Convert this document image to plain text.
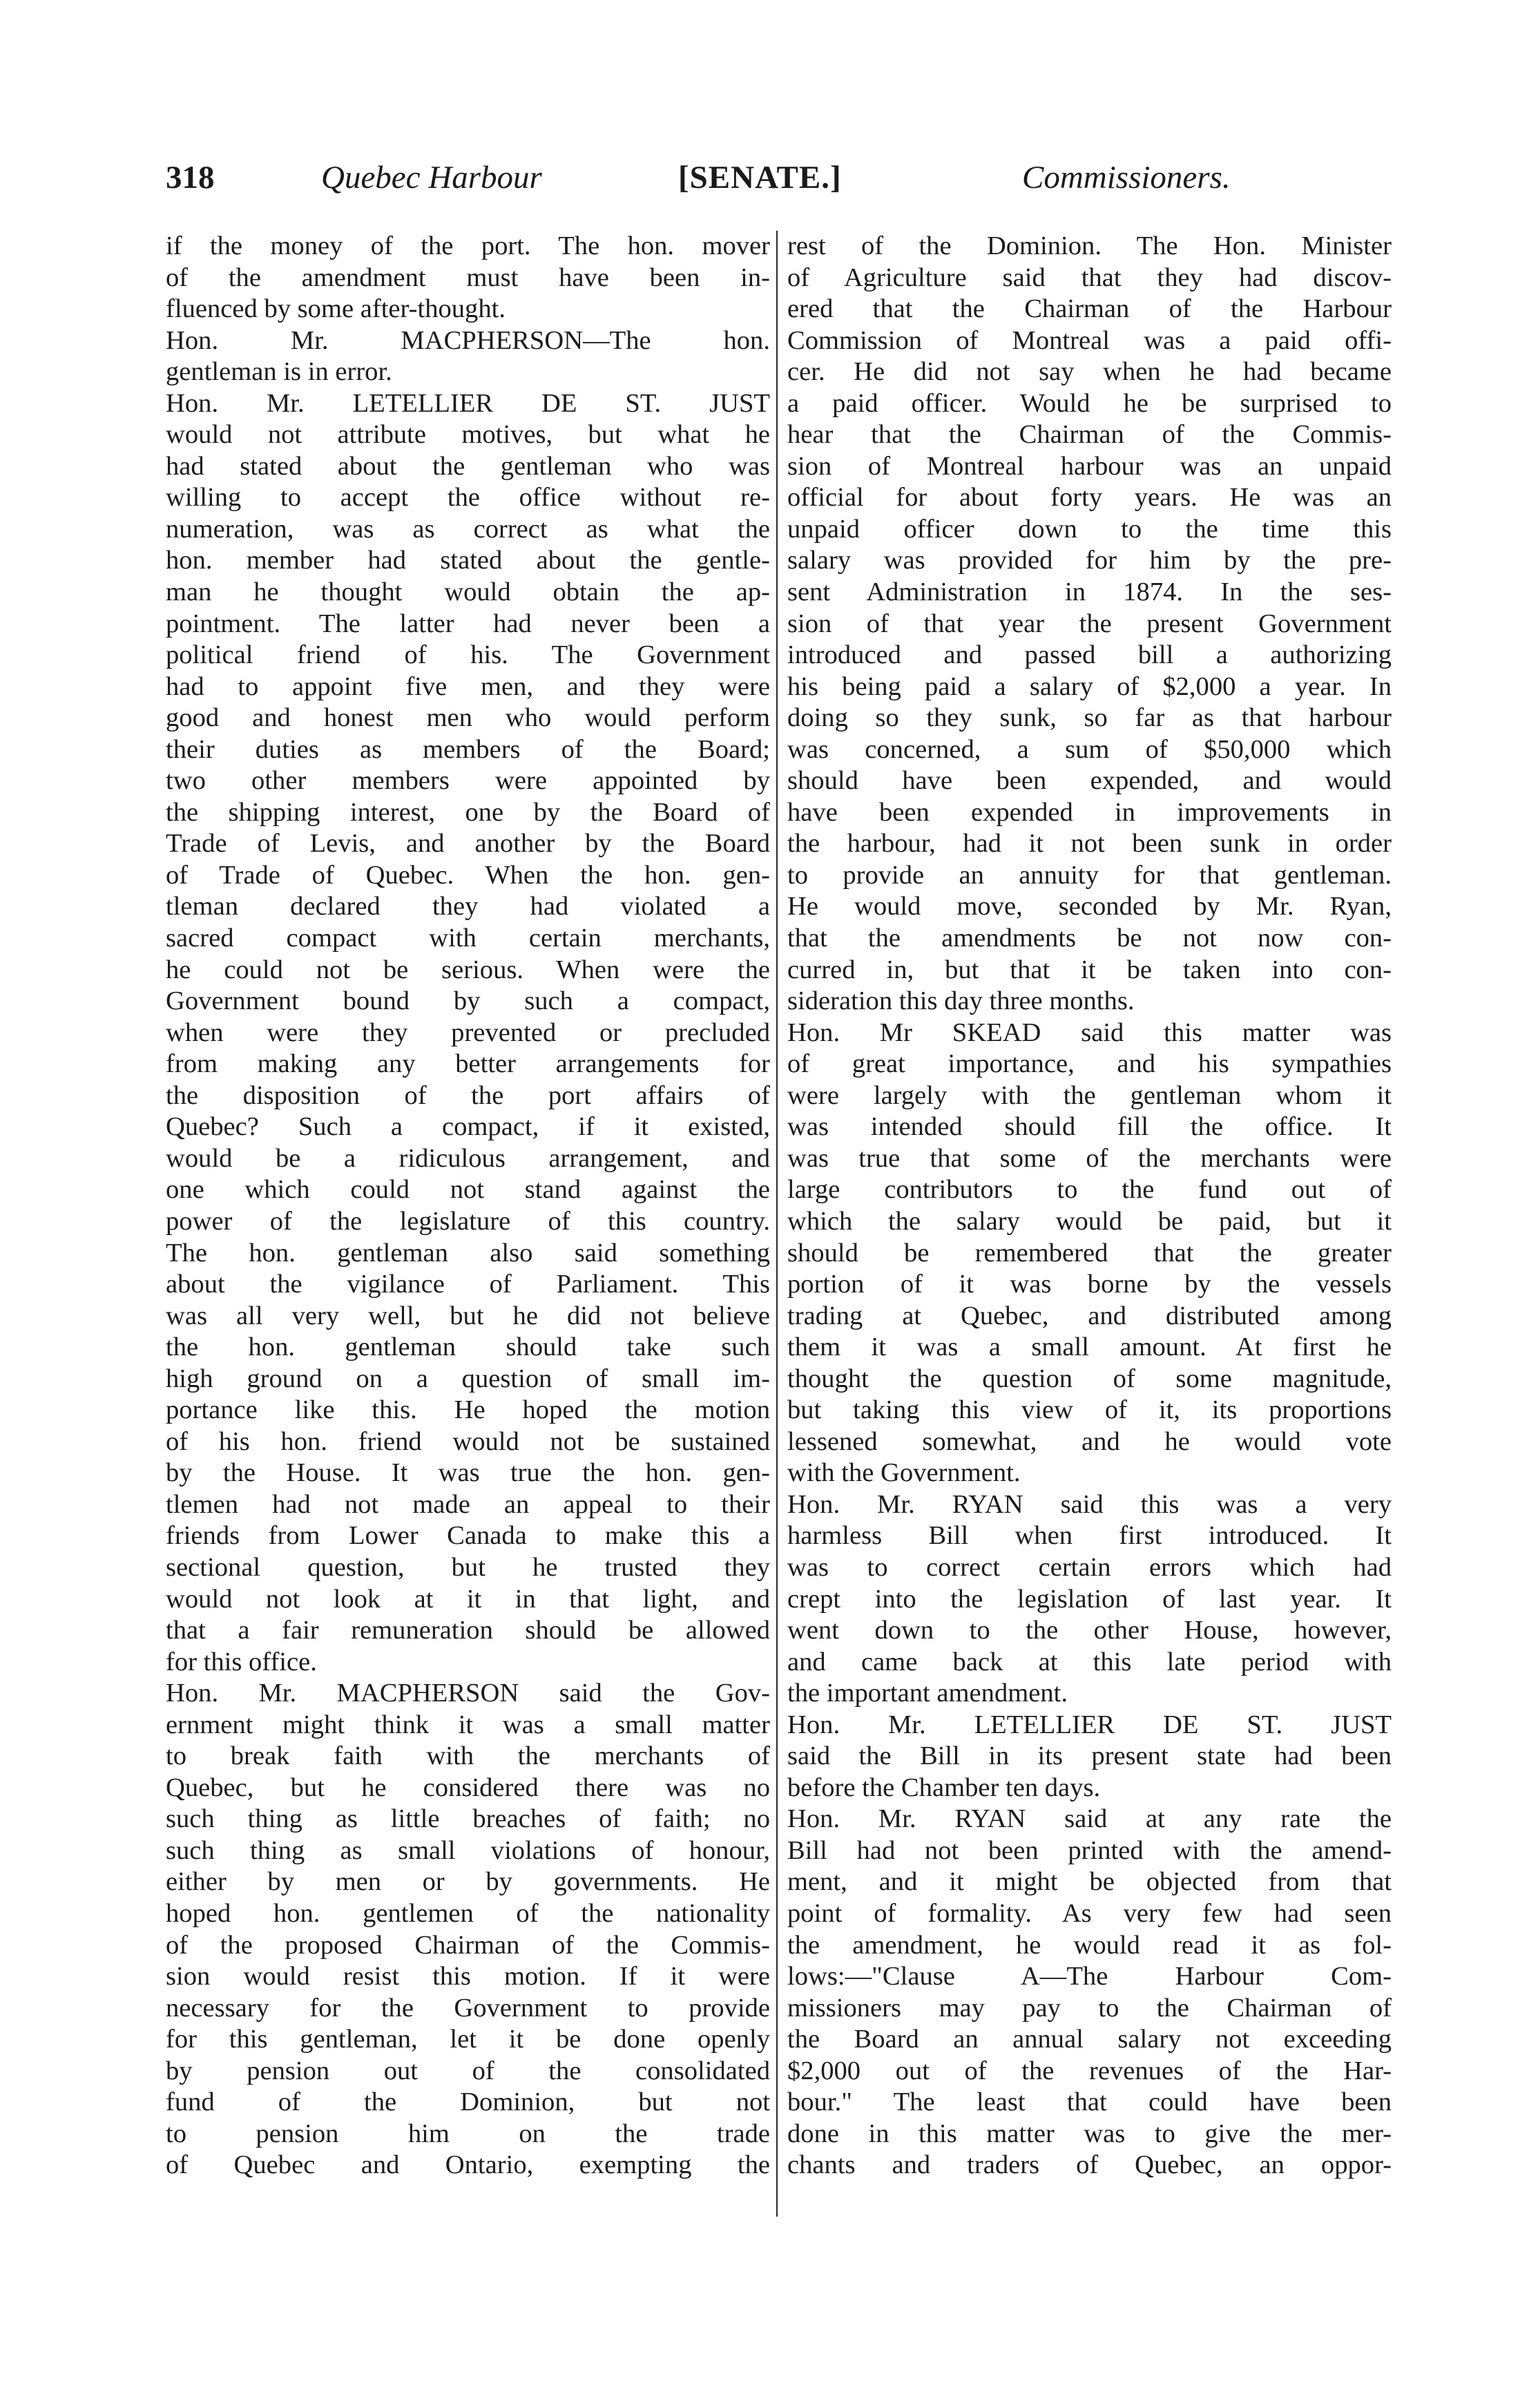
318	Quebec Harbour	[SENATE.]	Commissioners.

if the money of the port. The hon. mover

of the amendment must have been in-

fluenced by some after-thought.

Hon. Mr. MACPHERSON—The hon.

gentleman is in error.

Hon. Mr. LETELLIER DE ST. JUST

would not attribute motives, but what he

had stated about the gentleman who was

willing to accept the office without re-

numeration, was as correct as what the

hon. member had stated about the gentle-

man he thought would obtain the ap-

pointment. The latter had never been a

political friend of his. The Government

had to appoint five men, and they were

good and honest men who would perform

their duties as members of the Board;

two other members were appointed by

the shipping interest, one by the Board of

Trade of Levis, and another by the Board

of Trade of Quebec. When the hon. gen-

tleman declared they had violated a

sacred compact with certain merchants,

he could not be serious. When were the

Government bound by such a compact,

when were they prevented or precluded

from making any better arrangements for

the disposition of the port affairs of

Quebec? Such a compact, if it existed,

would be a ridiculous arrangement, and

one which could not stand against the

power of the legislature of this country.

The hon. gentleman also said something

about the vigilance of Parliament. This

was all very well, but he did not believe

the hon. gentleman should take such

high ground on a question of small im-

portance like this. He hoped the motion

of his hon. friend would not be sustained

by the House. It was true the hon. gen-

tlemen had not made an appeal to their

friends from Lower Canada to make this a

sectional question, but he trusted they

would not look at it in that light, and

that a fair remuneration should be allowed

for this office.

Hon. Mr. MACPHERSON said the Gov-

ernment might think it was a small matter

to break faith with the merchants of

Quebec, but he considered there was no

such thing as little breaches of faith; no

such thing as small violations of honour,

either by men or by governments. He

hoped hon. gentlemen of the nationality

of the proposed Chairman of the Commis-

sion would resist this motion. If it were

necessary for the Government to provide

for this gentleman, let it be done openly

by pension out of the consolidated

fund of the Dominion, but not

to pension him on the trade

of Quebec and Ontario, exempting the

rest of the Dominion. The Hon. Minister

of Agriculture said that they had discov-

ered that the Chairman of the Harbour

Commission of Montreal was a paid offi-

cer. He did not say when he had became

a paid officer. Would he be surprised to

hear that the Chairman of the Commis-

sion of Montreal harbour was an unpaid

official for about forty years. He was an

unpaid officer down to the time this

salary was provided for him by the pre-

sent Administration in 1874. In the ses-

sion of that year the present Government

introduced and passed bill a authorizing

his being paid a salary of $2,000 a year. In

doing so they sunk, so far as that harbour

was concerned, a sum of $50,000 which

should have been expended, and would

have been expended in improvements in

the harbour, had it not been sunk in order

to provide an annuity for that gentleman.

He would move, seconded by Mr. Ryan,

that the amendments be not now con-

curred in, but that it be taken into con-

sideration this day three months.

Hon. Mr SKEAD said this matter was

of great importance, and his sympathies

were largely with the gentleman whom it

was intended should fill the office. It

was true that some of the merchants were

large contributors to the fund out of

which the salary would be paid, but it

should be remembered that the greater

portion of it was borne by the vessels

trading at Quebec, and distributed among

them it was a small amount. At first he

thought the question of some magnitude,

but taking this view of it, its proportions

lessened somewhat, and he would vote

with the Government.

Hon. Mr. RYAN said this was a very

harmless Bill when first introduced. It

was to correct certain errors which had

crept into the legislation of last year. It

went down to the other House, however,

and came back at this late period with

the important amendment.

Hon. Mr. LETELLIER DE ST. JUST

said the Bill in its present state had been

before the Chamber ten days.

Hon. Mr. RYAN said at any rate the

Bill had not been printed with the amend-

ment, and it might be objected from that

point of formality. As very few had seen

the amendment, he would read it as fol-

lows:—"Clause A—The Harbour Com-

missioners may pay to the Chairman of

the Board an annual salary not exceeding

$2,000 out of the revenues of the Har-

bour." The least that could have been

done in this matter was to give the mer-

chants and traders of Quebec, an oppor-
